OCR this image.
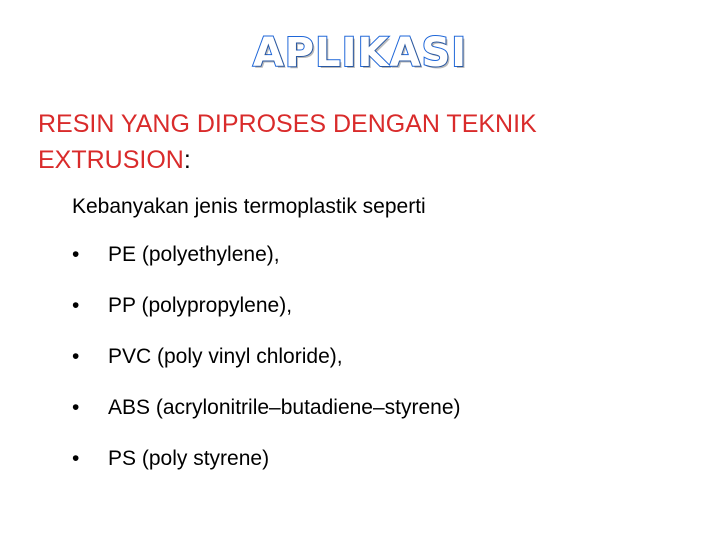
APLIKASI
RESIN YANG DIPROSES DENGAN TEKNIK EXTRUSION:
Kebanyakan jenis termoplastik seperti
•	PE (polyethylene),
•	PP (polypropylene),
•	PVC (poly vinyl chloride),
•	ABS (acrylonitrile–butadiene–styrene)
•	PS (poly styrene)
